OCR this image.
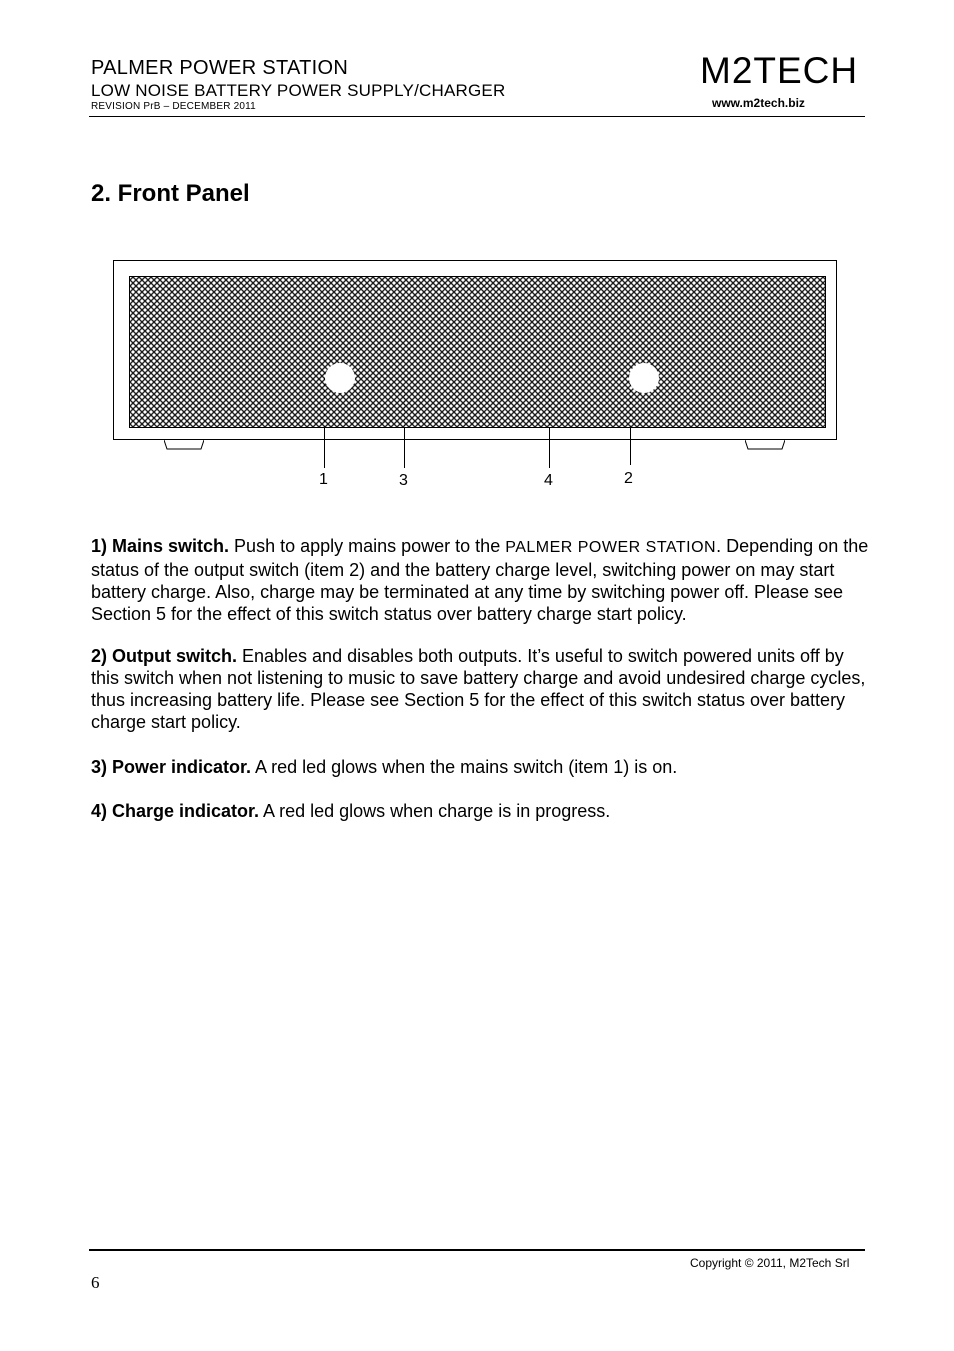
PALMER POWER STATION
LOW NOISE BATTERY POWER SUPPLY/CHARGER
REVISION PrB – DECEMBER 2011
M2TECH
www.m2tech.biz
2. Front Panel
1	3	4	2

1) Mains switch. Push to apply mains power to the PALMER POWER STATION. Depending on the status of the output switch (item 2) and the battery charge level, switching power on may start battery charge. Also, charge may be terminated at any time by switching power off. Please see Section 5 for the effect of this switch status over battery charge start policy.

2) Output switch. Enables and disables both outputs. It’s useful to switch powered units off by this switch when not listening to music to save battery charge and avoid undesired charge cycles, thus increasing battery life. Please see Section 5 for the effect of this switch status over battery charge start policy.

3) Power indicator. A red led glows when the mains switch (item 1) is on.

4) Charge indicator. A red led glows when charge is in progress.

Copyright © 2011, M2Tech Srl
6
